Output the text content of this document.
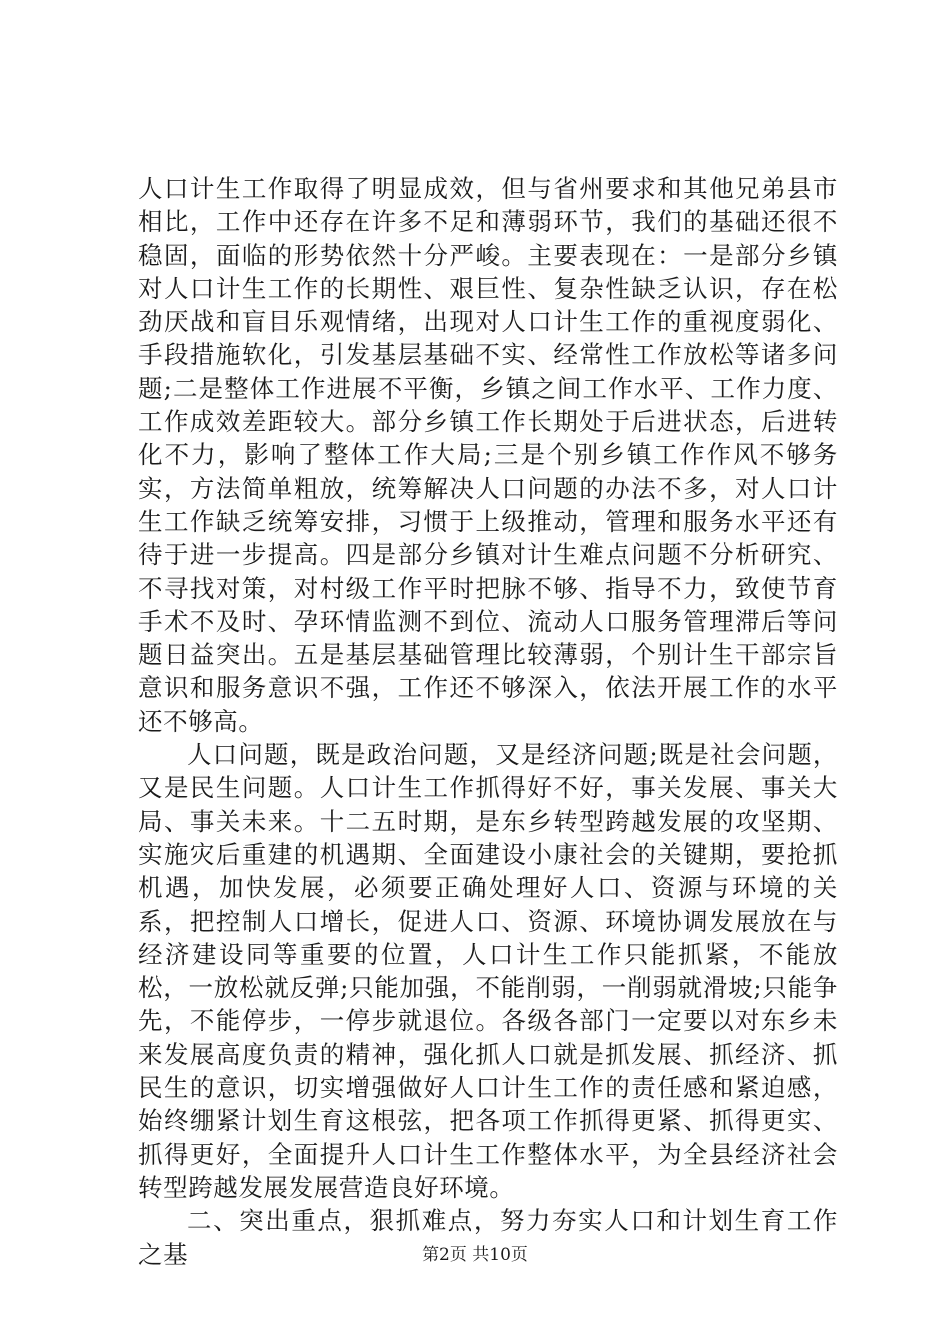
人口计生工作取得了明显成效，但与省州要求和其他兄弟县市相比，工作中还存在许多不足和薄弱环节，我们的基础还很不稳固，面临的形势依然十分严峻。主要表现在：一是部分乡镇对人口计生工作的长期性、艰巨性、复杂性缺乏认识，存在松劲厌战和盲目乐观情绪，出现对人口计生工作的重视度弱化、手段措施软化，引发基层基础不实、经常性工作放松等诸多问题;二是整体工作进展不平衡，乡镇之间工作水平、工作力度、工作成效差距较大。部分乡镇工作长期处于后进状态，后进转化不力，影响了整体工作大局;三是个别乡镇工作作风不够务实，方法简单粗放，统筹解决人口问题的办法不多，对人口计生工作缺乏统筹安排，习惯于上级推动，管理和服务水平还有待于进一步提高。四是部分乡镇对计生难点问题不分析研究、不寻找对策，对村级工作平时把脉不够、指导不力，致使节育手术不及时、孕环情监测不到位、流动人口服务管理滞后等问题日益突出。五是基层基础管理比较薄弱，个别计生干部宗旨意识和服务意识不强，工作还不够深入，依法开展工作的水平还不够高。

人口问题，既是政治问题，又是经济问题;既是社会问题，又是民生问题。人口计生工作抓得好不好，事关发展、事关大局、事关未来。十二五时期，是东乡转型跨越发展的攻坚期、实施灾后重建的机遇期、全面建设小康社会的关键期，要抢抓机遇，加快发展，必须要正确处理好人口、资源与环境的关系，把控制人口增长，促进人口、资源、环境协调发展放在与经济建设同等重要的位置，人口计生工作只能抓紧，不能放松，一放松就反弹;只能加强，不能削弱，一削弱就滑坡;只能争先，不能停步，一停步就退位。各级各部门一定要以对东乡未来发展高度负责的精神，强化抓人口就是抓发展、抓经济、抓民生的意识，切实增强做好人口计生工作的责任感和紧迫感，始终绷紧计划生育这根弦，把各项工作抓得更紧、抓得更实、抓得更好，全面提升人口计生工作整体水平，为全县经济社会转型跨越发展发展营造良好环境。

二、突出重点，狠抓难点，努力夯实人口和计划生育工作之基	第2页 共10页
